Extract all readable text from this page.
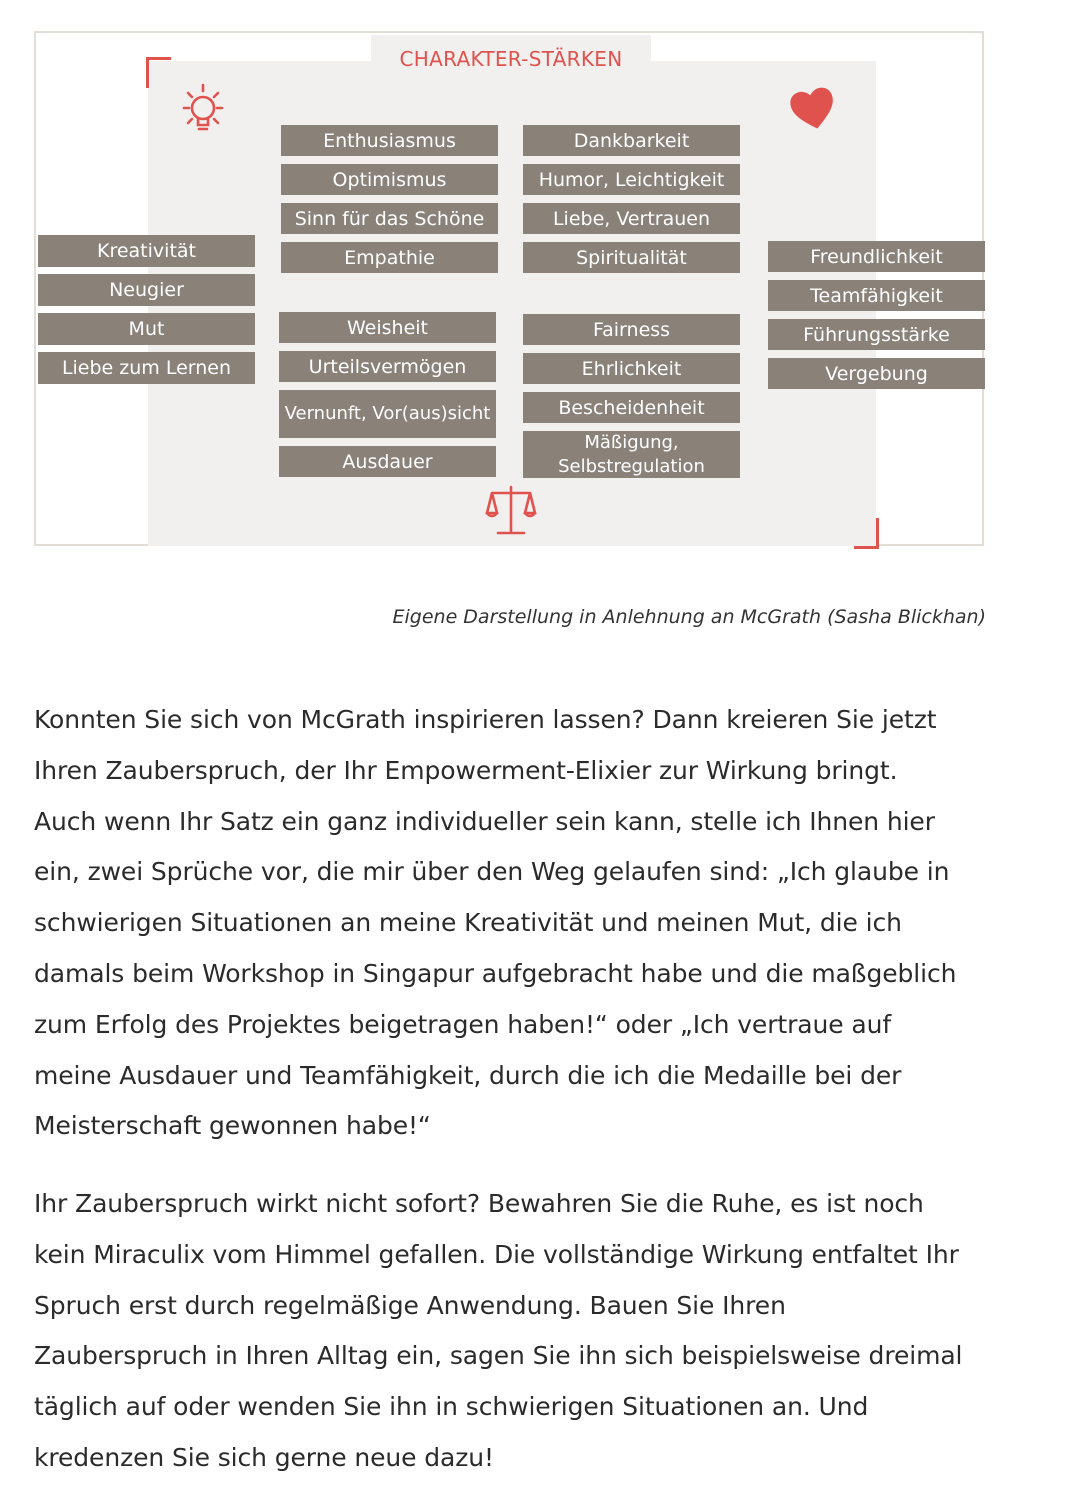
CHARAKTER-STÄRKEN
Kreativität
Neugier
Mut
Liebe zum Lernen
Enthusiasmus
Optimismus
Sinn für das Schöne
Empathie
Weisheit
Urteilsvermögen
Vernunft, Vor(aus)sicht
Ausdauer
Dankbarkeit
Humor, Leichtigkeit
Liebe, Vertrauen
Spiritualität
Fairness
Ehrlichkeit
Bescheidenheit
Mäßigung, Selbstregulation
Freundlichkeit
Teamfähigkeit
Führungsstärke
Vergebung
Eigene Darstellung in Anlehnung an McGrath (Sasha Blickhan)
Konnten Sie sich von McGrath inspirieren lassen? Dann kreieren Sie jetzt
Ihren Zauberspruch, der Ihr Empowerment-Elixier zur Wirkung bringt.
Auch wenn Ihr Satz ein ganz individueller sein kann, stelle ich Ihnen hier
ein, zwei Sprüche vor, die mir über den Weg gelaufen sind: „Ich glaube in
schwierigen Situationen an meine Kreativität und meinen Mut, die ich
damals beim Workshop in Singapur aufgebracht habe und die maßgeblich
zum Erfolg des Projektes beigetragen haben!“ oder „Ich vertraue auf
meine Ausdauer und Teamfähigkeit, durch die ich die Medaille bei der
Meisterschaft gewonnen habe!“
Ihr Zauberspruch wirkt nicht sofort? Bewahren Sie die Ruhe, es ist noch
kein Miraculix vom Himmel gefallen. Die vollständige Wirkung entfaltet Ihr
Spruch erst durch regelmäßige Anwendung. Bauen Sie Ihren
Zauberspruch in Ihren Alltag ein, sagen Sie ihn sich beispielsweise dreimal
täglich auf oder wenden Sie ihn in schwierigen Situationen an. Und
kredenzen Sie sich gerne neue dazu!
